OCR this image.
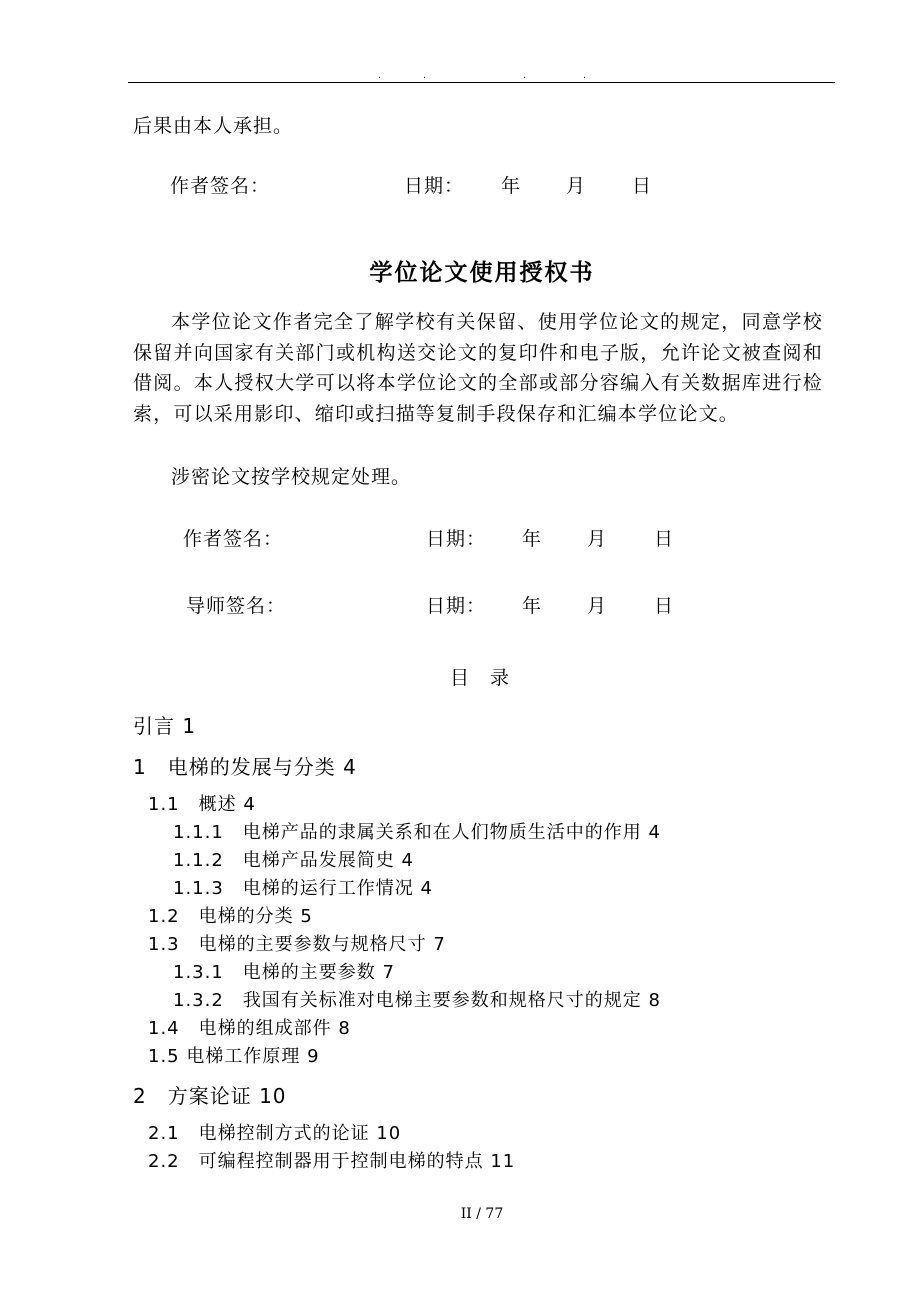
.	.	.	.
后果由本人承担。
作者签名：	日期： 年 月 日
学位论文使用授权书
本学位论文作者完全了解学校有关保留、使用学位论文的规定，同意学校保留并向国家有关部门或机构送交论文的复印件和电子版，允许论文被查阅和借阅。本人授权大学可以将本学位论文的全部或部分容编入有关数据库进行检索，可以采用影印、缩印或扫描等复制手段保存和汇编本学位论文。
涉密论文按学校规定处理。
作者签名：	日期： 年 月 日
导师签名：	日期： 年 月 日
目　录
引言 1
1　电梯的发展与分类 4
1.1　概述 4
1.1.1　电梯产品的隶属关系和在人们物质生活中的作用 4
1.1.2　电梯产品发展简史 4
1.1.3　电梯的运行工作情况 4
1.2　电梯的分类 5
1.3　电梯的主要参数与规格尺寸 7
1.3.1　电梯的主要参数 7
1.3.2　我国有关标准对电梯主要参数和规格尺寸的规定 8
1.4　电梯的组成部件 8
1.5 电梯工作原理 9
2　方案论证 10
2.1　电梯控制方式的论证 10
2.2　可编程控制器用于控制电梯的特点 11
II / 77
